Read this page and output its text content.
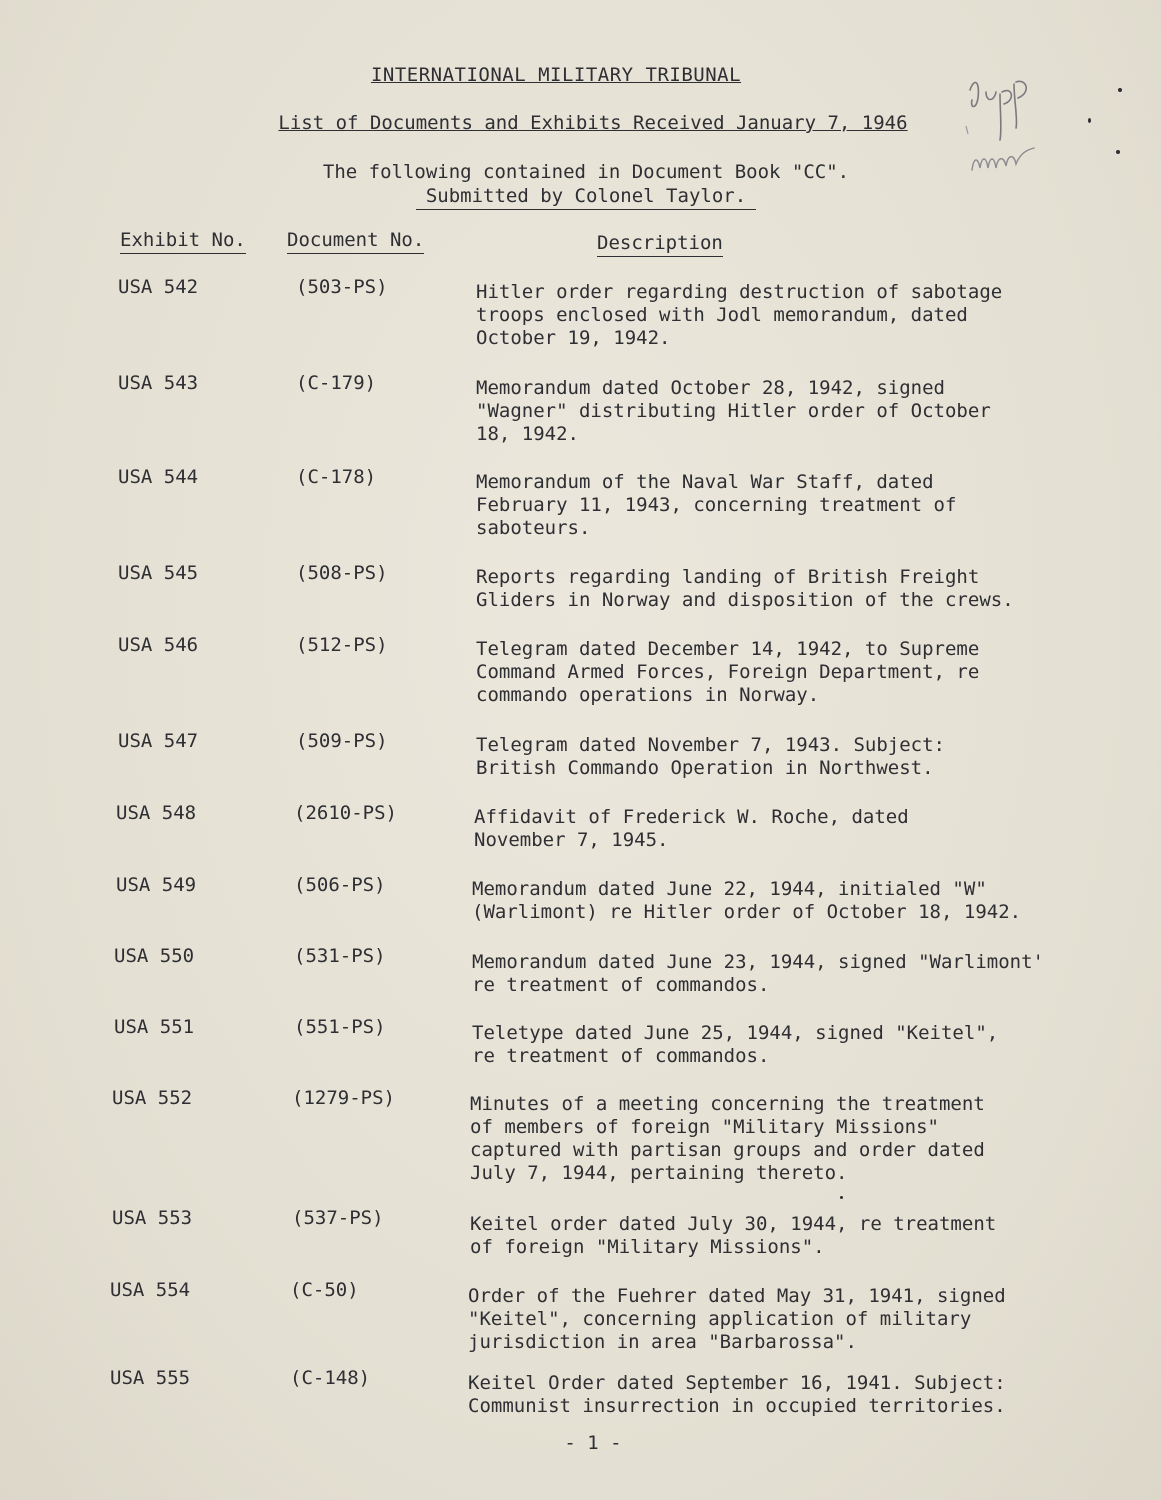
INTERNATIONAL MILITARY TRIBUNAL
List of Documents and Exhibits Received January 7, 1946
The following contained in Document Book "CC".
Submitted by Colonel Taylor.
Exhibit No. Document No.	Description
USA 542	(503-PS)	Hitler order regarding destruction of sabotage
troops enclosed with Jodl memorandum, dated
October 19, 1942.
USA 543	(C-179)	Memorandum dated October 28, 1942, signed
"Wagner" distributing Hitler order of October
18, 1942.
USA 544	(C-178)	Memorandum of the Naval War Staff, dated
February 11, 1943, concerning treatment of
saboteurs.
USA 545	(508-PS)	Reports regarding landing of British Freight
Gliders in Norway and disposition of the crews.
USA 546	(512-PS)	Telegram dated December 14, 1942, to Supreme
Command Armed Forces, Foreign Department, re
commando operations in Norway.
USA 547	(509-PS)	Telegram dated November 7, 1943. Subject:
British Commando Operation in Northwest.
USA 548	(2610-PS)	Affidavit of Frederick W. Roche, dated
November 7, 1945.
USA 549	(506-PS)	Memorandum dated June 22, 1944, initialed "W"
(Warlimont) re Hitler order of October 18, 1942.
USA 550	(531-PS)	Memorandum dated June 23, 1944, signed "Warlimont'
re treatment of commandos.
USA 551	(551-PS)	Teletype dated June 25, 1944, signed "Keitel",
re treatment of commandos.
USA 552	(1279-PS)	Minutes of a meeting concerning the treatment
of members of foreign "Military Missions"
captured with partisan groups and order dated
July 7, 1944, pertaining thereto.
USA 553	(537-PS)	Keitel order dated July 30, 1944, re treatment
of foreign "Military Missions".
USA 554	(C-50)	Order of the Fuehrer dated May 31, 1941, signed
"Keitel", concerning application of military
jurisdiction in area "Barbarossa".
USA 555	(C-148)	Keitel Order dated September 16, 1941. Subject:
Communist insurrection in occupied territories.
- 1 -
